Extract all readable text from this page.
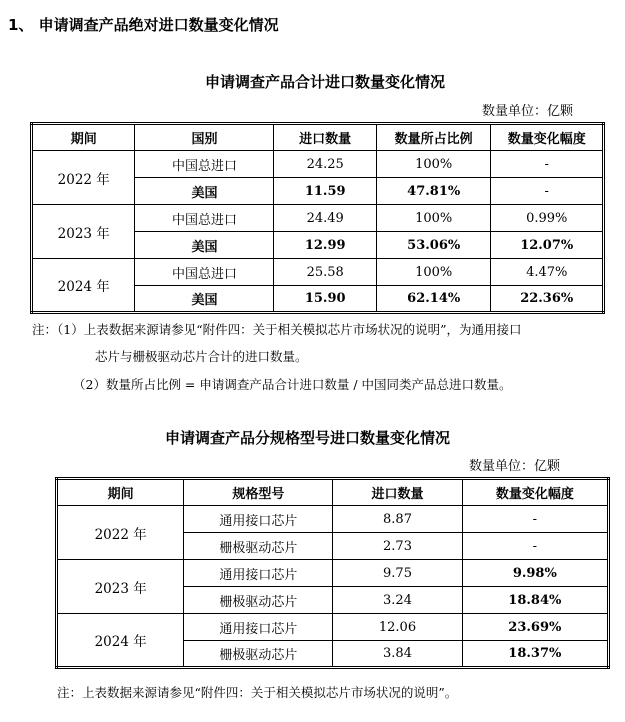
1、 申请调查产品绝对进口数量变化情况
申请调查产品合计进口数量变化情况
数量单位：亿颗
期间	国别	进口数量	数量所占比例	数量变化幅度
2022 年	中国总进口	24.25	100%	-
	美国	11.59	47.81%	-
2023 年	中国总进口	24.49	100%	0.99%
	美国	12.99	53.06%	12.07%
2024 年	中国总进口	25.58	100%	4.47%
	美国	15.90	62.14%	22.36%
注：（1）上表数据来源请参见“附件四：关于相关模拟芯片市场状况的说明”，为通用接口
芯片与栅极驱动芯片合计的进口数量。
（2）数量所占比例 = 申请调查产品合计进口数量 / 中国同类产品总进口数量。
申请调查产品分规格型号进口数量变化情况
数量单位：亿颗
期间	规格型号	进口数量	数量变化幅度
2022 年	通用接口芯片	8.87	-
	栅极驱动芯片	2.73	-
2023 年	通用接口芯片	9.75	9.98%
	栅极驱动芯片	3.24	18.84%
2024 年	通用接口芯片	12.06	23.69%
	栅极驱动芯片	3.84	18.37%
注：上表数据来源请参见“附件四：关于相关模拟芯片市场状况的说明”。
